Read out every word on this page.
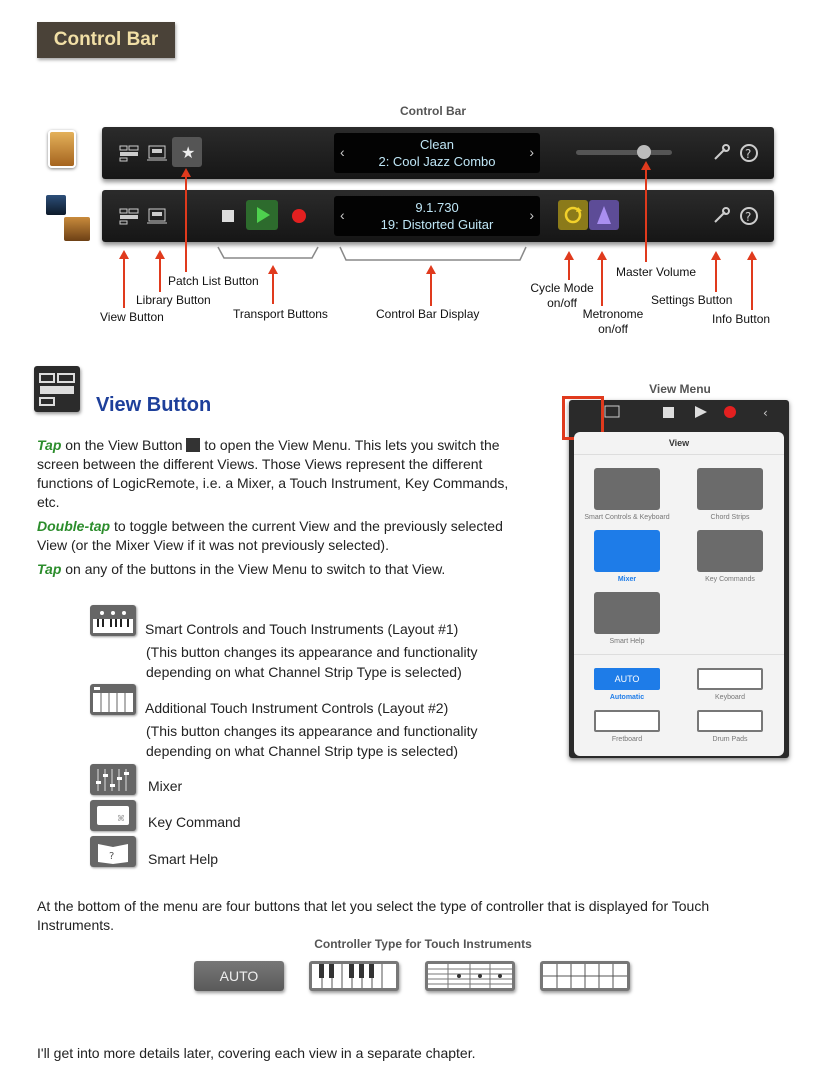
Control Bar
Control Bar
★	‹	Clean
2: Cool Jazz Combo
›	?
‹	9.1.730
19: Distorted Guitar
›	?
View Button
Library Button
Patch List Button
Transport Buttons	Control Bar Display
Cycle Mode on/off
Metronome on/off
Master Volume
Settings Button
Info Button
View Button
Tap on the View Button  to open the View Menu. This lets you switch the screen between the different Views. Those Views represent the different functions of LogicRemote, i.e. a Mixer, a Touch Instrument, Key Commands, etc.
Double-tap to toggle between the current View and the previously selected View (or the Mixer View if it was not previously selected).
Tap on any of the buttons in the View Menu to switch to that View.
Smart Controls and Touch Instruments (Layout #1)
(This button changes its appearance and functionality depending on what Channel Strip Type is selected)
Additional Touch Instrument Controls (Layout #2)
(This button changes its appearance and functionality depending on what Channel Strip type is selected)
Mixer
⌘ Key Command
? Smart Help
View Menu
‹
View
Smart Controls & Keyboard	Chord Strips
Mixer	Key Commands
Smart Help
AUTO
Automatic	Keyboard
Fretboard	Drum Pads
At the bottom of the menu are four buttons that let you select the type of controller that is displayed for Touch Instruments.
Controller Type for Touch Instruments
AUTO
I'll get into more details later, covering each view in a separate chapter.
